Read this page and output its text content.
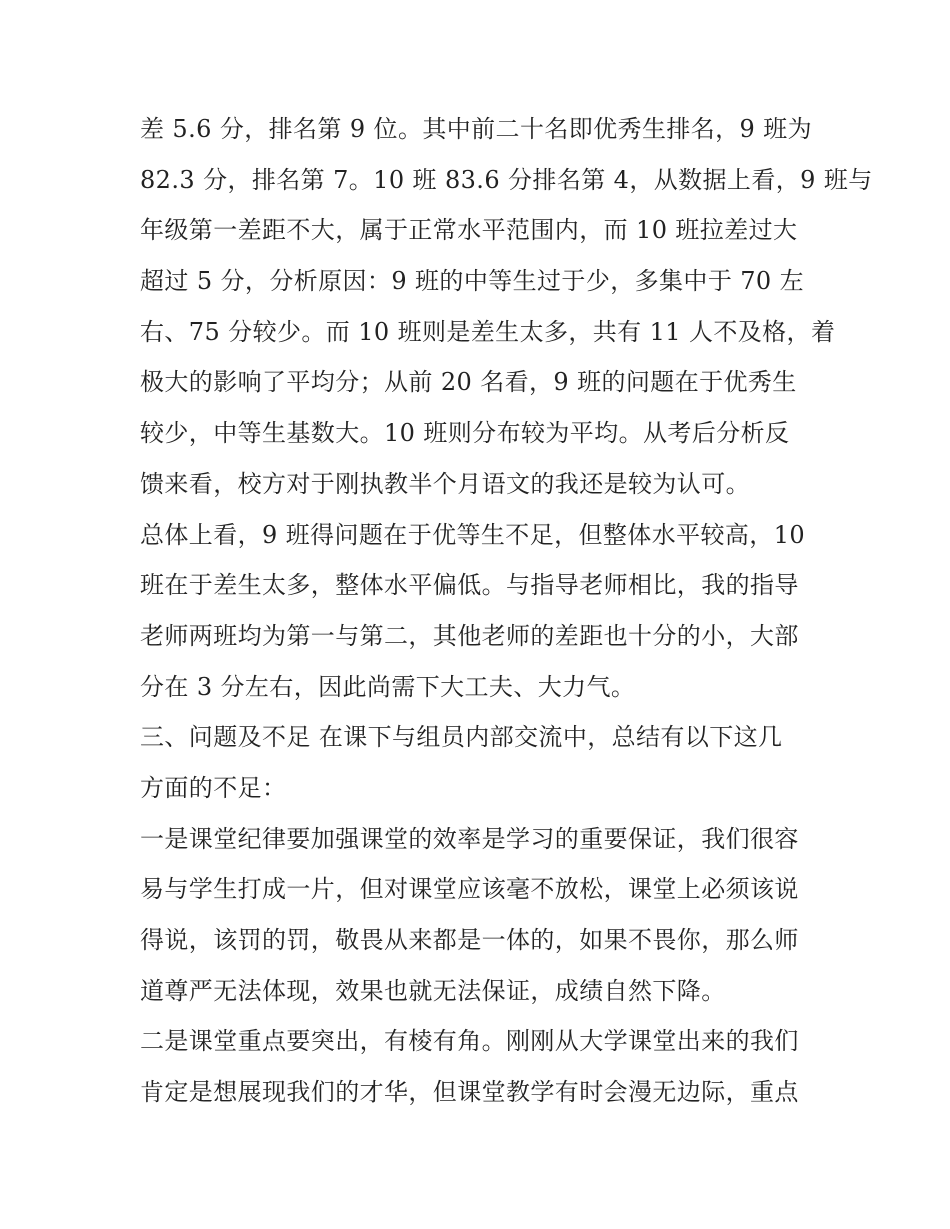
差 5.6 分，排名第 9 位。其中前二十名即优秀生排名，9 班为
82.3 分，排名第 7。10 班 83.6 分排名第 4，从数据上看，9 班与
年级第一差距不大，属于正常水平范围内，而 10 班拉差过大
超过 5 分，分析原因：9 班的中等生过于少，多集中于 70 左
右、75 分较少。而 10 班则是差生太多，共有 11 人不及格，着
极大的影响了平均分；从前 20 名看，9 班的问题在于优秀生
较少，中等生基数大。10 班则分布较为平均。从考后分析反
馈来看，校方对于刚执教半个月语文的我还是较为认可。
总体上看，9 班得问题在于优等生不足，但整体水平较高，10
班在于差生太多，整体水平偏低。与指导老师相比，我的指导
老师两班均为第一与第二，其他老师的差距也十分的小，大部
分在 3 分左右，因此尚需下大工夫、大力气。
三、问题及不足 在课下与组员内部交流中，总结有以下这几
方面的不足：
一是课堂纪律要加强课堂的效率是学习的重要保证，我们很容
易与学生打成一片，但对课堂应该毫不放松，课堂上必须该说
得说，该罚的罚，敬畏从来都是一体的，如果不畏你，那么师
道尊严无法体现，效果也就无法保证，成绩自然下降。
二是课堂重点要突出，有棱有角。刚刚从大学课堂出来的我们
肯定是想展现我们的才华，但课堂教学有时会漫无边际，重点
